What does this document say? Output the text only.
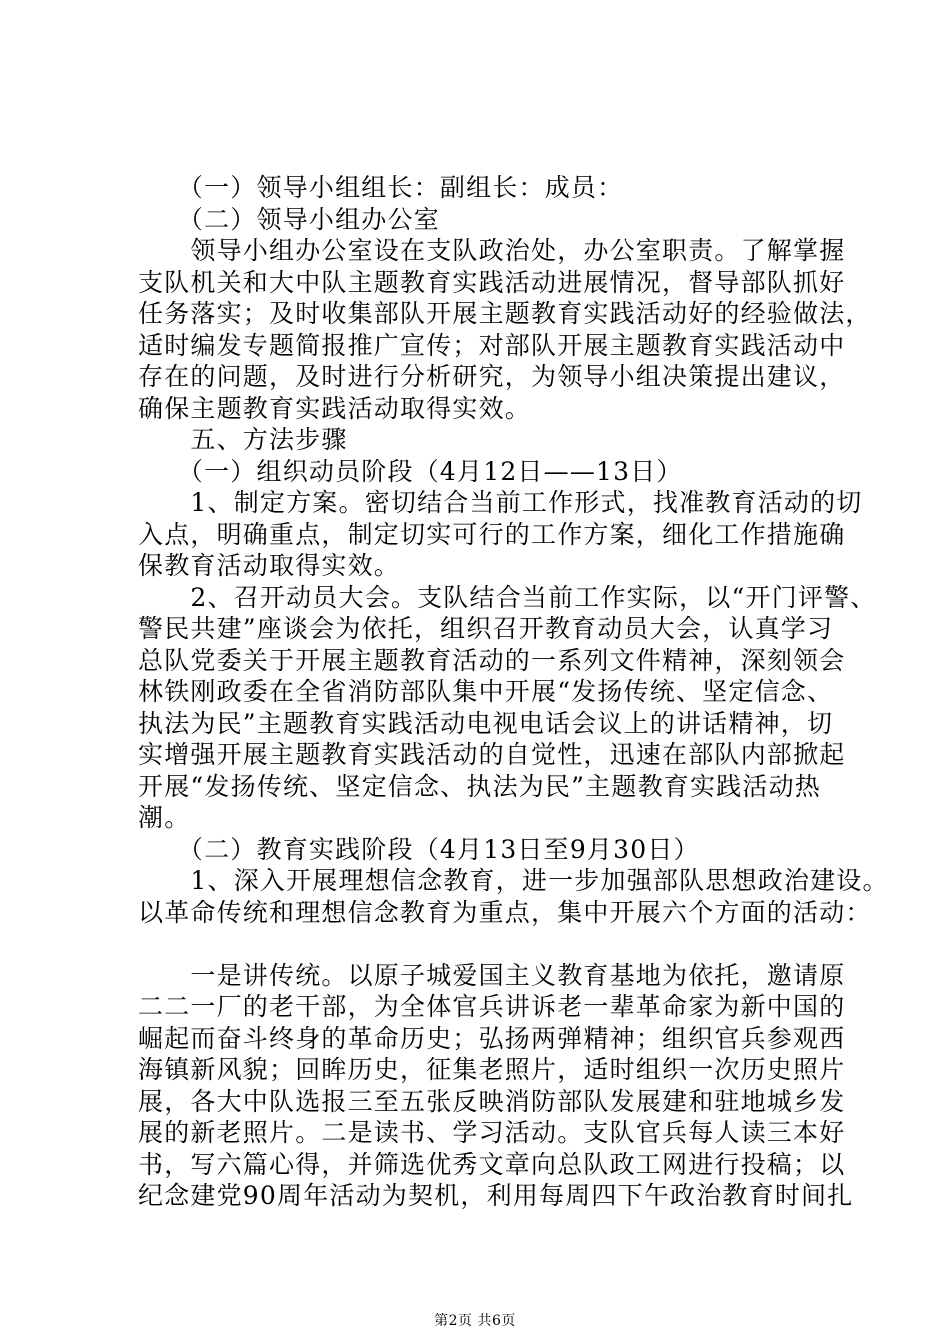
　　（一）领导小组组长：副组长：成员：
　　（二）领导小组办公室
　　领导小组办公室设在支队政治处，办公室职责。了解掌握
支队机关和大中队主题教育实践活动进展情况，督导部队抓好
任务落实；及时收集部队开展主题教育实践活动好的经验做法，
适时编发专题简报推广宣传；对部队开展主题教育实践活动中
存在的问题，及时进行分析研究，为领导小组决策提出建议，
确保主题教育实践活动取得实效。
　　五、方法步骤
　　（一）组织动员阶段（4月12日——13日）
　　1、制定方案。密切结合当前工作形式，找准教育活动的切
入点，明确重点，制定切实可行的工作方案，细化工作措施确
保教育活动取得实效。
　　2、召开动员大会。支队结合当前工作实际，以“开门评警、
警民共建”座谈会为依托，组织召开教育动员大会，认真学习
总队党委关于开展主题教育活动的一系列文件精神，深刻领会
林铁刚政委在全省消防部队集中开展“发扬传统、坚定信念、
执法为民”主题教育实践活动电视电话会议上的讲话精神，切
实增强开展主题教育实践活动的自觉性，迅速在部队内部掀起
开展“发扬传统、坚定信念、执法为民”主题教育实践活动热
潮。
　　（二）教育实践阶段（4月13日至9月30日）
　　1、深入开展理想信念教育，进一步加强部队思想政治建设。
以革命传统和理想信念教育为重点，集中开展六个方面的活动：
　　一是讲传统。以原子城爱国主义教育基地为依托，邀请原
二二一厂的老干部，为全体官兵讲诉老一辈革命家为新中国的
崛起而奋斗终身的革命历史；弘扬两弹精神；组织官兵参观西
海镇新风貌；回眸历史，征集老照片，适时组织一次历史照片
展，各大中队选报三至五张反映消防部队发展建和驻地城乡发
展的新老照片。二是读书、学习活动。支队官兵每人读三本好
书，写六篇心得，并筛选优秀文章向总队政工网进行投稿；以
纪念建党90周年活动为契机，利用每周四下午政治教育时间扎
第2页 共6页
